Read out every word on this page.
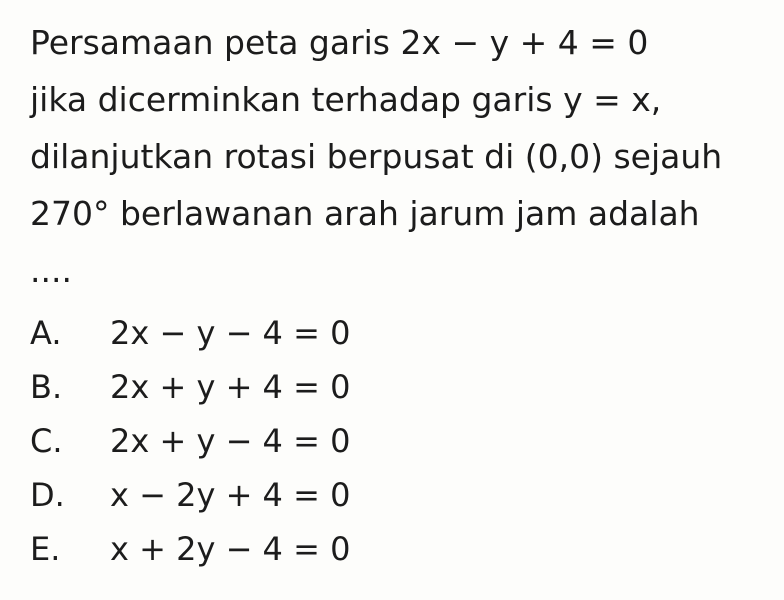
Persamaan peta garis 2x − y + 4 = 0
jika dicerminkan terhadap garis y = x,
dilanjutkan rotasi berpusat di (0,0) sejauh
270° berlawanan arah jarum jam adalah
....
A.	2x − y − 4 = 0
B.	2x + y + 4 = 0
C.	2x + y − 4 = 0
D.	x − 2y + 4 = 0
E.	x + 2y − 4 = 0
